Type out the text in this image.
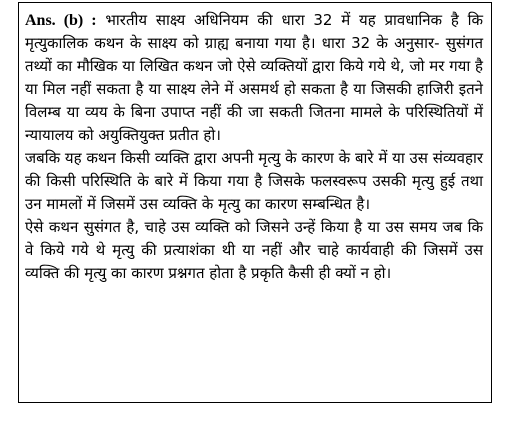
Ans. (b) : भारतीय साक्ष्य अधिनियम की धारा 32 में यह प्रावधानिक है कि मृत्युकालिक कथन के साक्ष्य को ग्राह्य बनाया गया है। धारा 32 के अनुसार- सुसंगत तथ्यों का मौखिक या लिखित कथन जो ऐसे व्यक्तियों द्वारा किये गये थे, जो मर गया है या मिल नहीं सकता है या साक्ष्य लेने में असमर्थ हो सकता है या जिसकी हाजिरी इतने विलम्ब या व्यय के बिना उपाप्त नहीं की जा सकती जितना मामले के परिस्थितियों में न्यायालय को अयुक्तियुक्त प्रतीत हो।

जबकि यह कथन किसी व्यक्ति द्वारा अपनी मृत्यु के कारण के बारे में या उस संव्यवहार की किसी परिस्थिति के बारे में किया गया है जिसके फलस्वरूप उसकी मृत्यु हुई तथा उन मामलों में जिसमें उस व्यक्ति के मृत्यु का कारण सम्बन्धित है।

ऐसे कथन सुसंगत है, चाहे उस व्यक्ति को जिसने उन्हें किया है या उस समय जब कि वे किये गये थे मृत्यु की प्रत्याशंका थी या नहीं और चाहे कार्यवाही की जिसमें उस व्यक्ति की मृत्यु का कारण प्रश्नगत होता है प्रकृति कैसी ही क्यों न हो।
